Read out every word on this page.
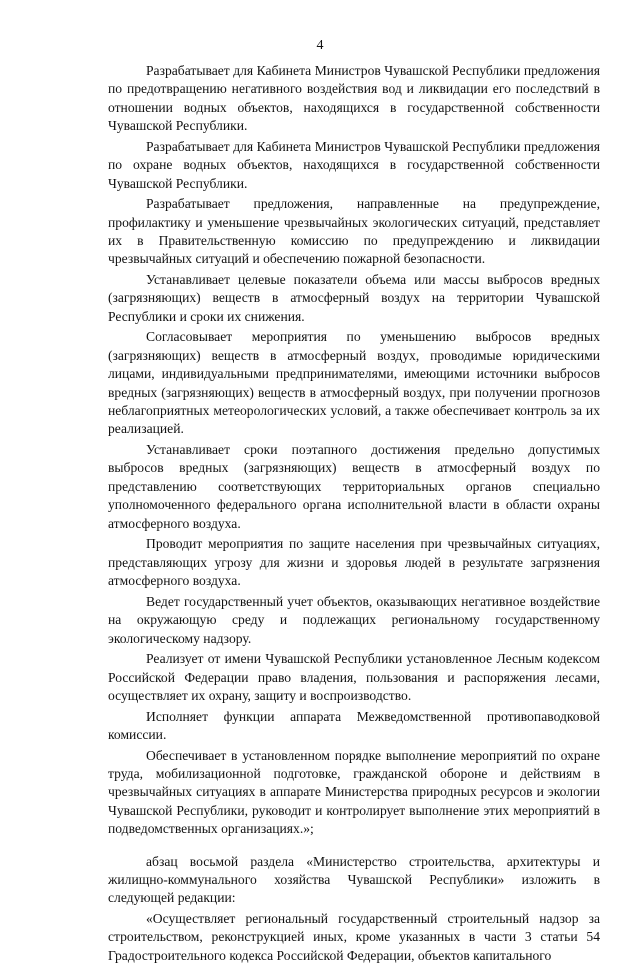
4

Разрабатывает для Кабинета Министров Чувашской Республики предложения по предотвращению негативного воздействия вод и ликвидации его последствий в отношении водных объектов, находящихся в государственной собственности Чувашской Республики.

Разрабатывает для Кабинета Министров Чувашской Республики предложения по охране водных объектов, находящихся в государственной собственности Чувашской Республики.

Разрабатывает предложения, направленные на предупреждение, профилактику и уменьшение чрезвычайных экологических ситуаций, представляет их в Правительственную комиссию по предупреждению и ликвидации чрезвычайных ситуаций и обеспечению пожарной безопасности.

Устанавливает целевые показатели объема или массы выбросов вредных (загрязняющих) веществ в атмосферный воздух на территории Чувашской Республики и сроки их снижения.

Согласовывает мероприятия по уменьшению выбросов вредных (загрязняющих) веществ в атмосферный воздух, проводимые юридическими лицами, индивидуальными предпринимателями, имеющими источники выбросов вредных (загрязняющих) веществ в атмосферный воздух, при получении прогнозов неблагоприятных метеорологических условий, а также обеспечивает контроль за их реализацией.

Устанавливает сроки поэтапного достижения предельно допустимых выбросов вредных (загрязняющих) веществ в атмосферный воздух по представлению соответствующих территориальных органов специально уполномоченного федерального органа исполнительной власти в области охраны атмосферного воздуха.

Проводит мероприятия по защите населения при чрезвычайных ситуациях, представляющих угрозу для жизни и здоровья людей в результате загрязнения атмосферного воздуха.

Ведет государственный учет объектов, оказывающих негативное воздействие на окружающую среду и подлежащих региональному государственному экологическому надзору.

Реализует от имени Чувашской Республики установленное Лесным кодексом Российской Федерации право владения, пользования и распоряжения лесами, осуществляет их охрану, защиту и воспроизводство.

Исполняет функции аппарата Межведомственной противопаводковой комиссии.

Обеспечивает в установленном порядке выполнение мероприятий по охране труда, мобилизационной подготовке, гражданской обороне и действиям в чрезвычайных ситуациях в аппарате Министерства природных ресурсов и экологии Чувашской Республики, руководит и контролирует выполнение этих мероприятий в подведомственных организациях.»;

абзац восьмой раздела «Министерство строительства, архитектуры и жилищно-коммунального хозяйства Чувашской Республики» изложить в следующей редакции:

«Осуществляет региональный государственный строительный надзор за строительством, реконструкцией иных, кроме указанных в части 3 статьи 54 Градостроительного кодекса Российской Федерации, объектов капитального
